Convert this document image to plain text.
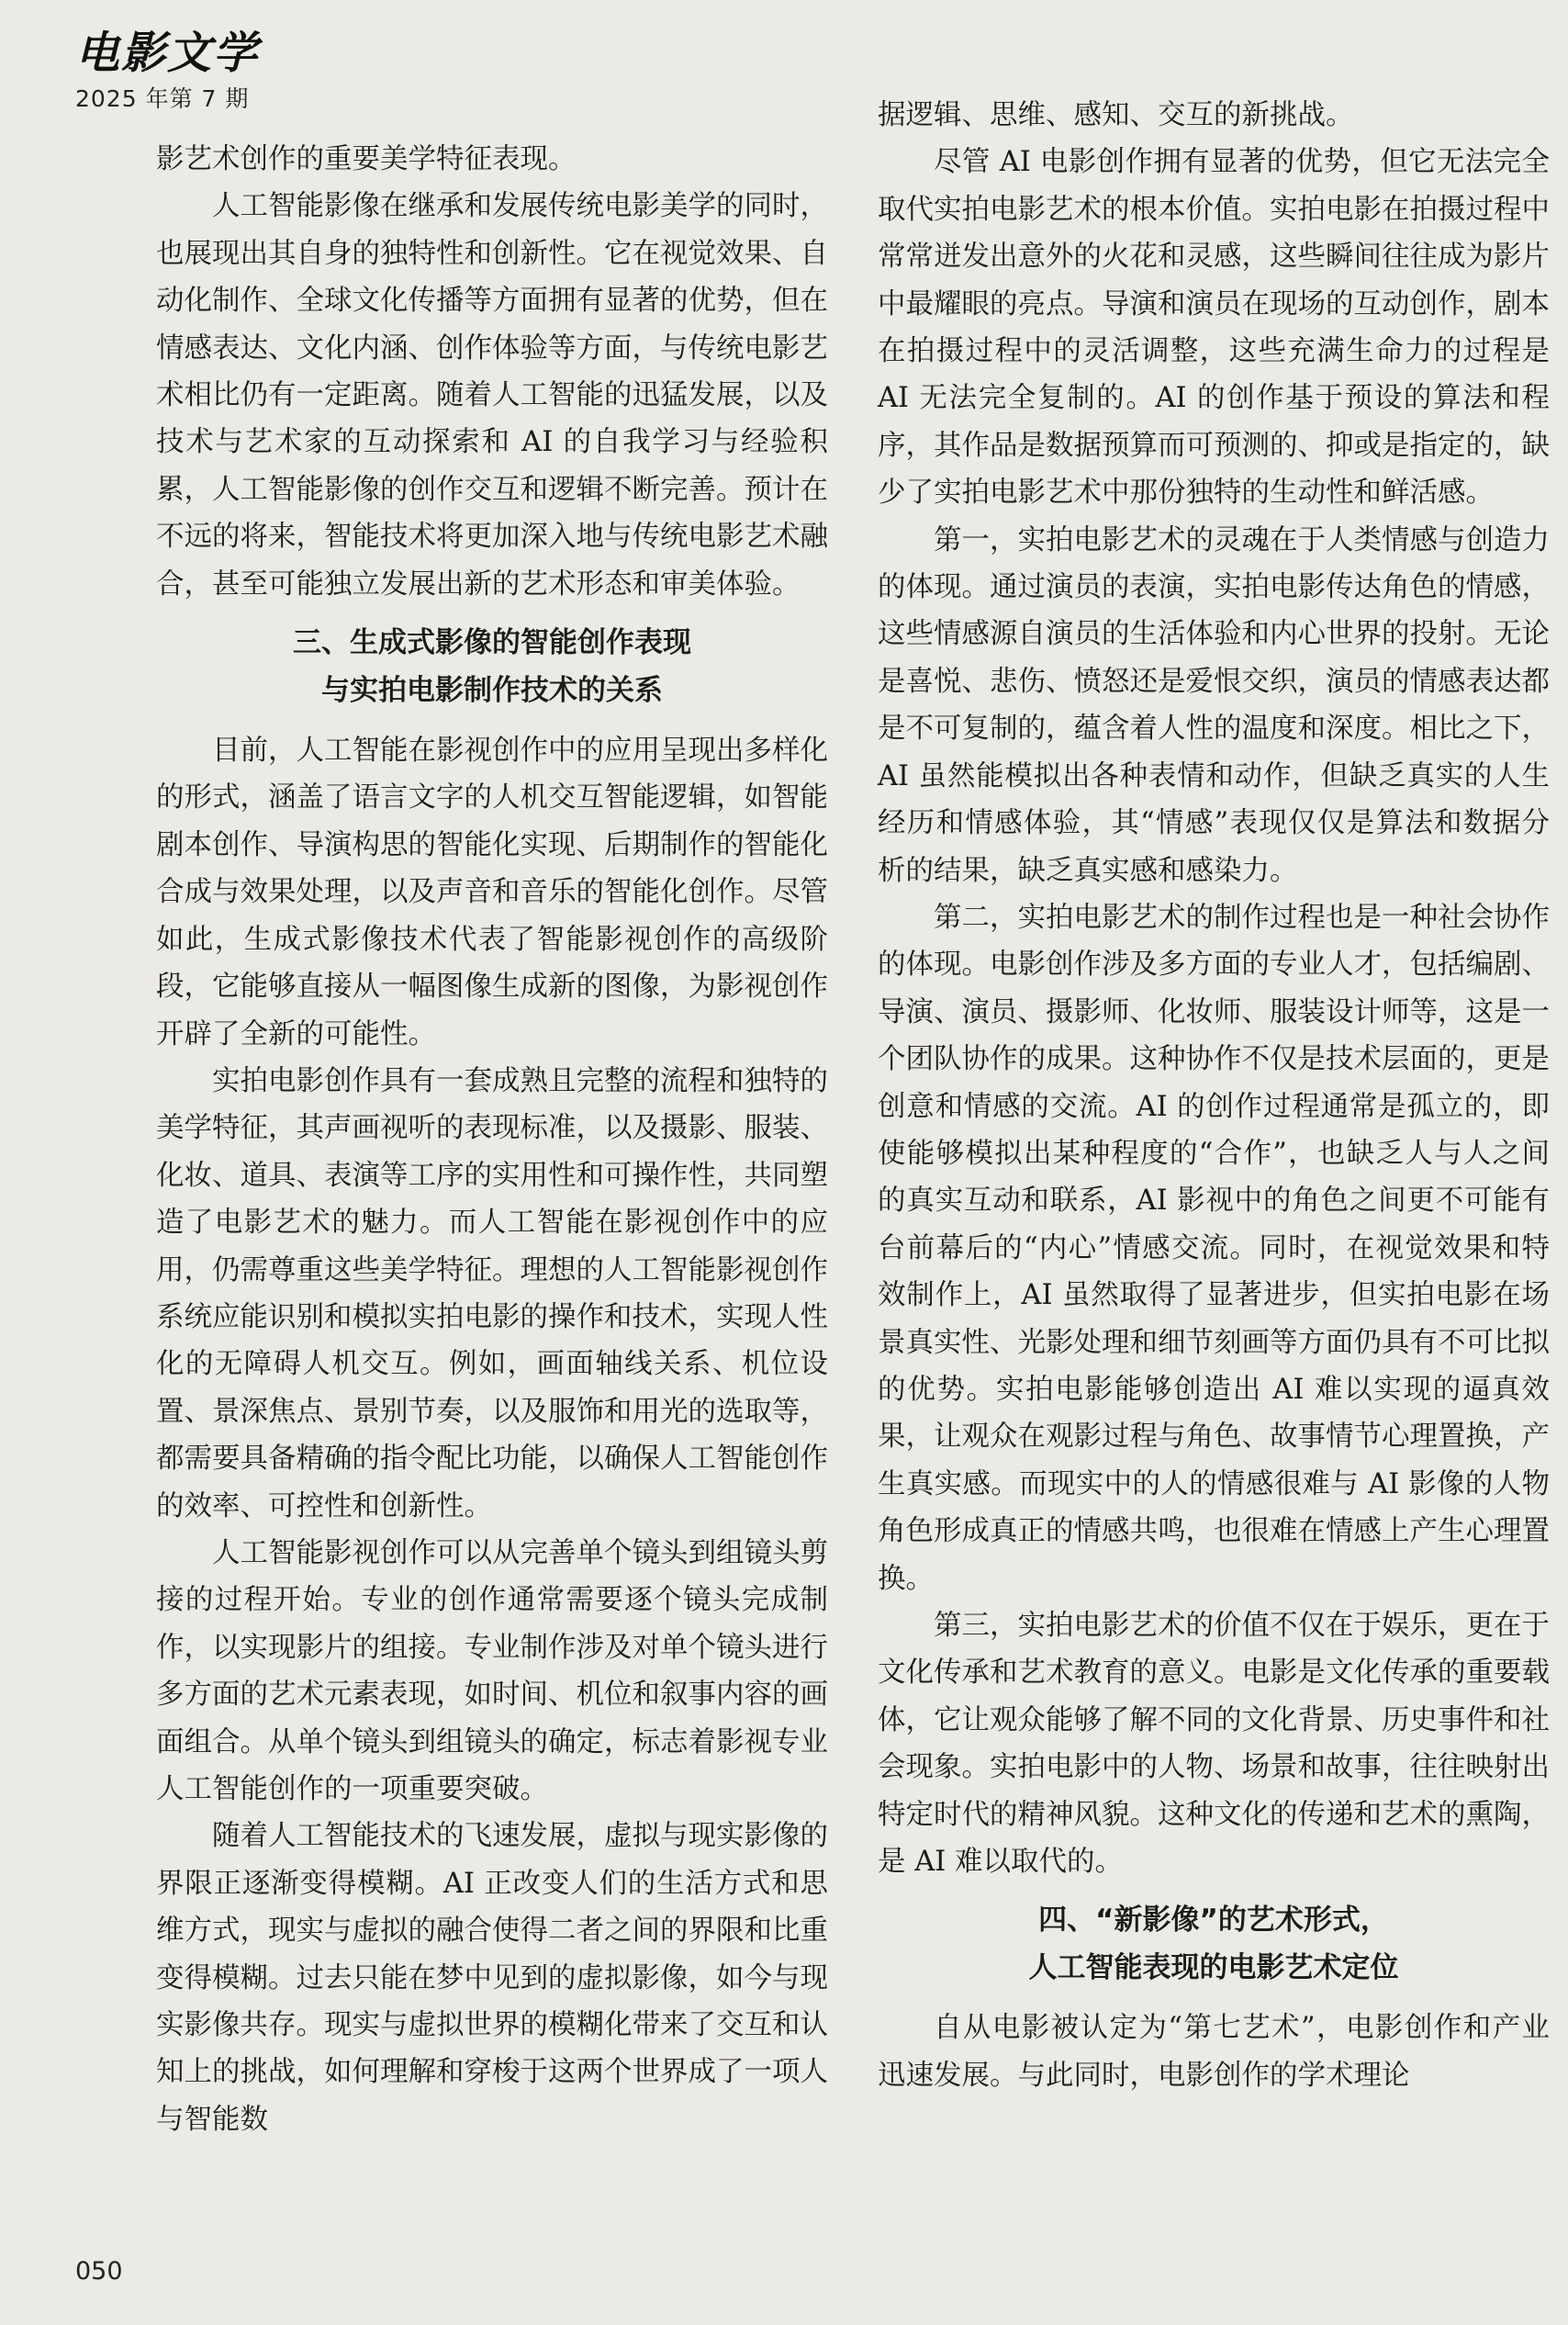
电影文学
2025 年第 7 期

影艺术创作的重要美学特征表现。

人工智能影像在继承和发展传统电影美学的同时，也展现出其自身的独特性和创新性。它在视觉效果、自动化制作、全球文化传播等方面拥有显著的优势，但在情感表达、文化内涵、创作体验等方面，与传统电影艺术相比仍有一定距离。随着人工智能的迅猛发展，以及技术与艺术家的互动探索和 AI 的自我学习与经验积累，人工智能影像的创作交互和逻辑不断完善。预计在不远的将来，智能技术将更加深入地与传统电影艺术融合，甚至可能独立发展出新的艺术形态和审美体验。

三、生成式影像的智能创作表现
与实拍电影制作技术的关系

目前，人工智能在影视创作中的应用呈现出多样化的形式，涵盖了语言文字的人机交互智能逻辑，如智能剧本创作、导演构思的智能化实现、后期制作的智能化合成与效果处理，以及声音和音乐的智能化创作。尽管如此，生成式影像技术代表了智能影视创作的高级阶段，它能够直接从一幅图像生成新的图像，为影视创作开辟了全新的可能性。

实拍电影创作具有一套成熟且完整的流程和独特的美学特征，其声画视听的表现标准，以及摄影、服装、化妆、道具、表演等工序的实用性和可操作性，共同塑造了电影艺术的魅力。而人工智能在影视创作中的应用，仍需尊重这些美学特征。理想的人工智能影视创作系统应能识别和模拟实拍电影的操作和技术，实现人性化的无障碍人机交互。例如，画面轴线关系、机位设置、景深焦点、景别节奏，以及服饰和用光的选取等，都需要具备精确的指令配比功能，以确保人工智能创作的效率、可控性和创新性。

人工智能影视创作可以从完善单个镜头到组镜头剪接的过程开始。专业的创作通常需要逐个镜头完成制作，以实现影片的组接。专业制作涉及对单个镜头进行多方面的艺术元素表现，如时间、机位和叙事内容的画面组合。从单个镜头到组镜头的确定，标志着影视专业人工智能创作的一项重要突破。

随着人工智能技术的飞速发展，虚拟与现实影像的界限正逐渐变得模糊。AI 正改变人们的生活方式和思维方式，现实与虚拟的融合使得二者之间的界限和比重变得模糊。过去只能在梦中见到的虚拟影像，如今与现实影像共存。现实与虚拟世界的模糊化带来了交互和认知上的挑战，如何理解和穿梭于这两个世界成了一项人与智能数

据逻辑、思维、感知、交互的新挑战。

尽管 AI 电影创作拥有显著的优势，但它无法完全取代实拍电影艺术的根本价值。实拍电影在拍摄过程中常常迸发出意外的火花和灵感，这些瞬间往往成为影片中最耀眼的亮点。导演和演员在现场的互动创作，剧本在拍摄过程中的灵活调整，这些充满生命力的过程是 AI 无法完全复制的。AI 的创作基于预设的算法和程序，其作品是数据预算而可预测的、抑或是指定的，缺少了实拍电影艺术中那份独特的生动性和鲜活感。

第一，实拍电影艺术的灵魂在于人类情感与创造力的体现。通过演员的表演，实拍电影传达角色的情感，这些情感源自演员的生活体验和内心世界的投射。无论是喜悦、悲伤、愤怒还是爱恨交织，演员的情感表达都是不可复制的，蕴含着人性的温度和深度。相比之下，AI 虽然能模拟出各种表情和动作，但缺乏真实的人生经历和情感体验，其“情感”表现仅仅是算法和数据分析的结果，缺乏真实感和感染力。

第二，实拍电影艺术的制作过程也是一种社会协作的体现。电影创作涉及多方面的专业人才，包括编剧、导演、演员、摄影师、化妆师、服装设计师等，这是一个团队协作的成果。这种协作不仅是技术层面的，更是创意和情感的交流。AI 的创作过程通常是孤立的，即使能够模拟出某种程度的“合作”，也缺乏人与人之间的真实互动和联系，AI 影视中的角色之间更不可能有台前幕后的“内心”情感交流。同时，在视觉效果和特效制作上，AI 虽然取得了显著进步，但实拍电影在场景真实性、光影处理和细节刻画等方面仍具有不可比拟的优势。实拍电影能够创造出 AI 难以实现的逼真效果，让观众在观影过程与角色、故事情节心理置换，产生真实感。而现实中的人的情感很难与 AI 影像的人物角色形成真正的情感共鸣，也很难在情感上产生心理置换。

第三，实拍电影艺术的价值不仅在于娱乐，更在于文化传承和艺术教育的意义。电影是文化传承的重要载体，它让观众能够了解不同的文化背景、历史事件和社会现象。实拍电影中的人物、场景和故事，往往映射出特定时代的精神风貌。这种文化的传递和艺术的熏陶，是 AI 难以取代的。

四、“新影像”的艺术形式，
人工智能表现的电影艺术定位

自从电影被认定为“第七艺术”，电影创作和产业迅速发展。与此同时，电影创作的学术理论

050
